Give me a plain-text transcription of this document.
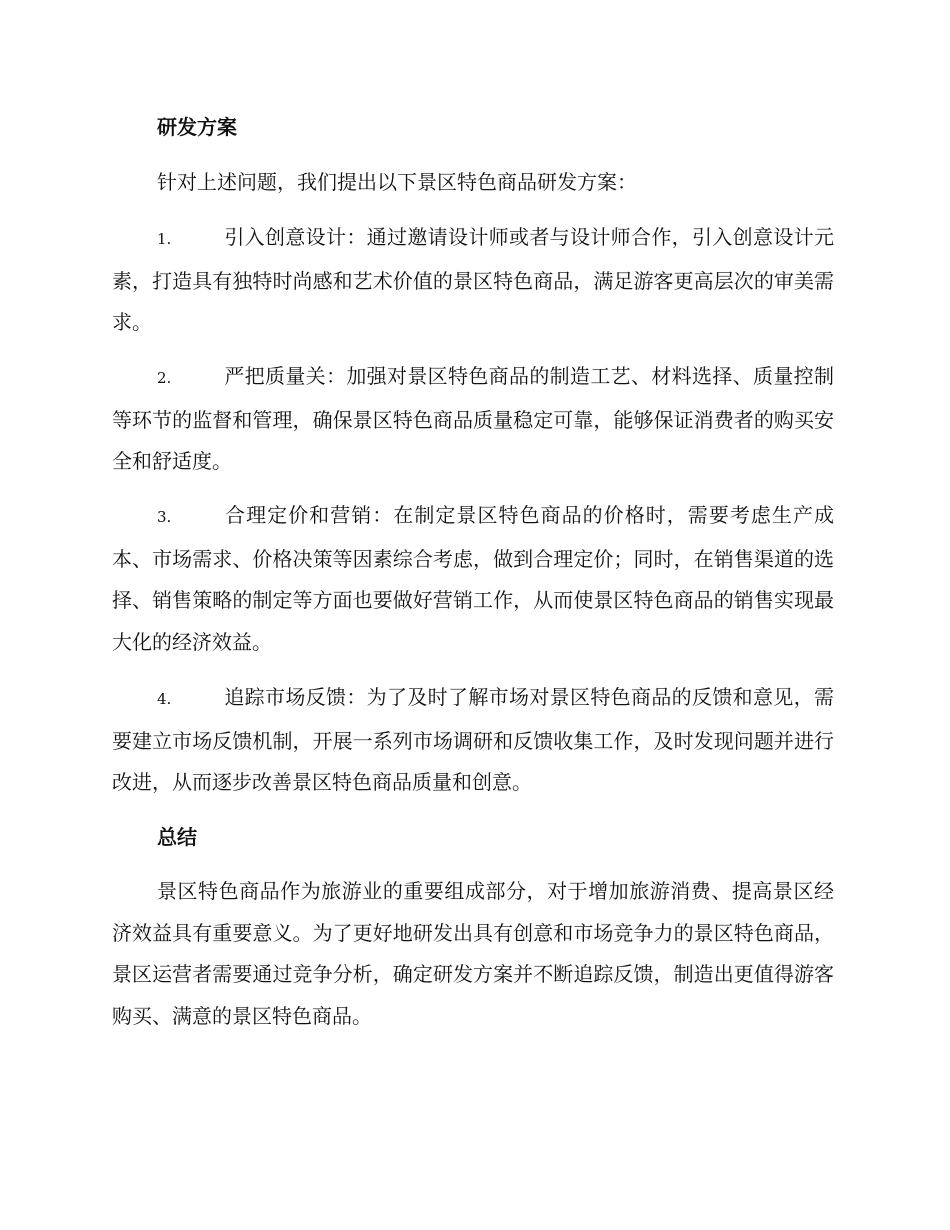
研发方案
针对上述问题，我们提出以下景区特色商品研发方案：
1.	引入创意设计：通过邀请设计师或者与设计师合作，引入创意设计元素，打造具有独特时尚感和艺术价值的景区特色商品，满足游客更高层次的审美需求。
2.	严把质量关：加强对景区特色商品的制造工艺、材料选择、质量控制等环节的监督和管理，确保景区特色商品质量稳定可靠，能够保证消费者的购买安全和舒适度。
3.	合理定价和营销：在制定景区特色商品的价格时，需要考虑生产成本、市场需求、价格决策等因素综合考虑，做到合理定价；同时，在销售渠道的选择、销售策略的制定等方面也要做好营销工作，从而使景区特色商品的销售实现最大化的经济效益。
4.	追踪市场反馈：为了及时了解市场对景区特色商品的反馈和意见，需要建立市场反馈机制，开展一系列市场调研和反馈收集工作，及时发现问题并进行改进，从而逐步改善景区特色商品质量和创意。
总结
景区特色商品作为旅游业的重要组成部分，对于增加旅游消费、提高景区经济效益具有重要意义。为了更好地研发出具有创意和市场竞争力的景区特色商品，景区运营者需要通过竞争分析，确定研发方案并不断追踪反馈，制造出更值得游客购买、满意的景区特色商品。
